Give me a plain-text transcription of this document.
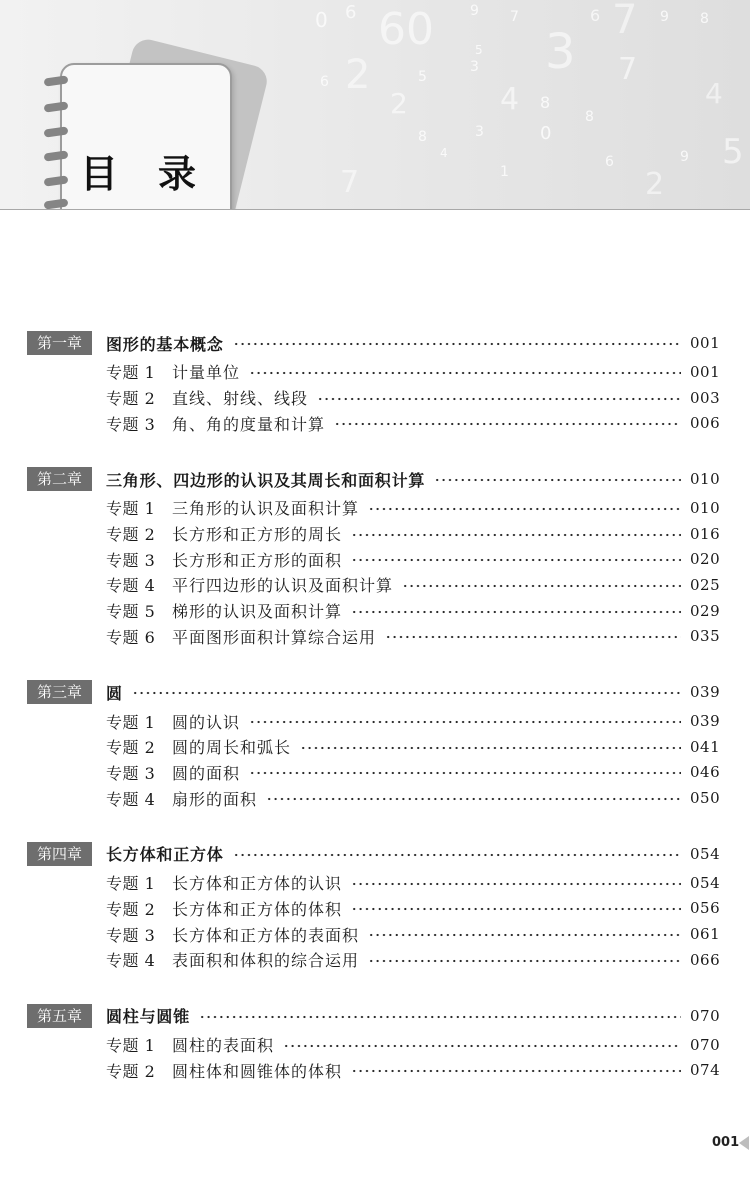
0 6 60	9 7	6 7
3
9 8
2
2
5
4 8
7
4
3
5
6
0
8
4
7	2
5
8
3
9
1
6
目录
第一章	图形的基本概念	001
专题 1	计量单位	001
专题 2	直线、射线、线段	003
专题 3	角、角的度量和计算	006
第二章	三角形、四边形的认识及其周长和面积计算	010
专题 1	三角形的认识及面积计算	010
专题 2	长方形和正方形的周长	016
专题 3	长方形和正方形的面积	020
专题 4	平行四边形的认识及面积计算	025
专题 5	梯形的认识及面积计算	029
专题 6	平面图形面积计算综合运用	035
第三章	圆	039
专题 1	圆的认识	039
专题 2	圆的周长和弧长	041
专题 3	圆的面积	046
专题 4	扇形的面积	050
第四章	长方体和正方体	054
专题 1	长方体和正方体的认识	054
专题 2	长方体和正方体的体积	056
专题 3	长方体和正方体的表面积	061
专题 4	表面积和体积的综合运用	066
第五章	圆柱与圆锥	070
专题 1	圆柱的表面积	070
专题 2	圆柱体和圆锥体的体积	074
001
